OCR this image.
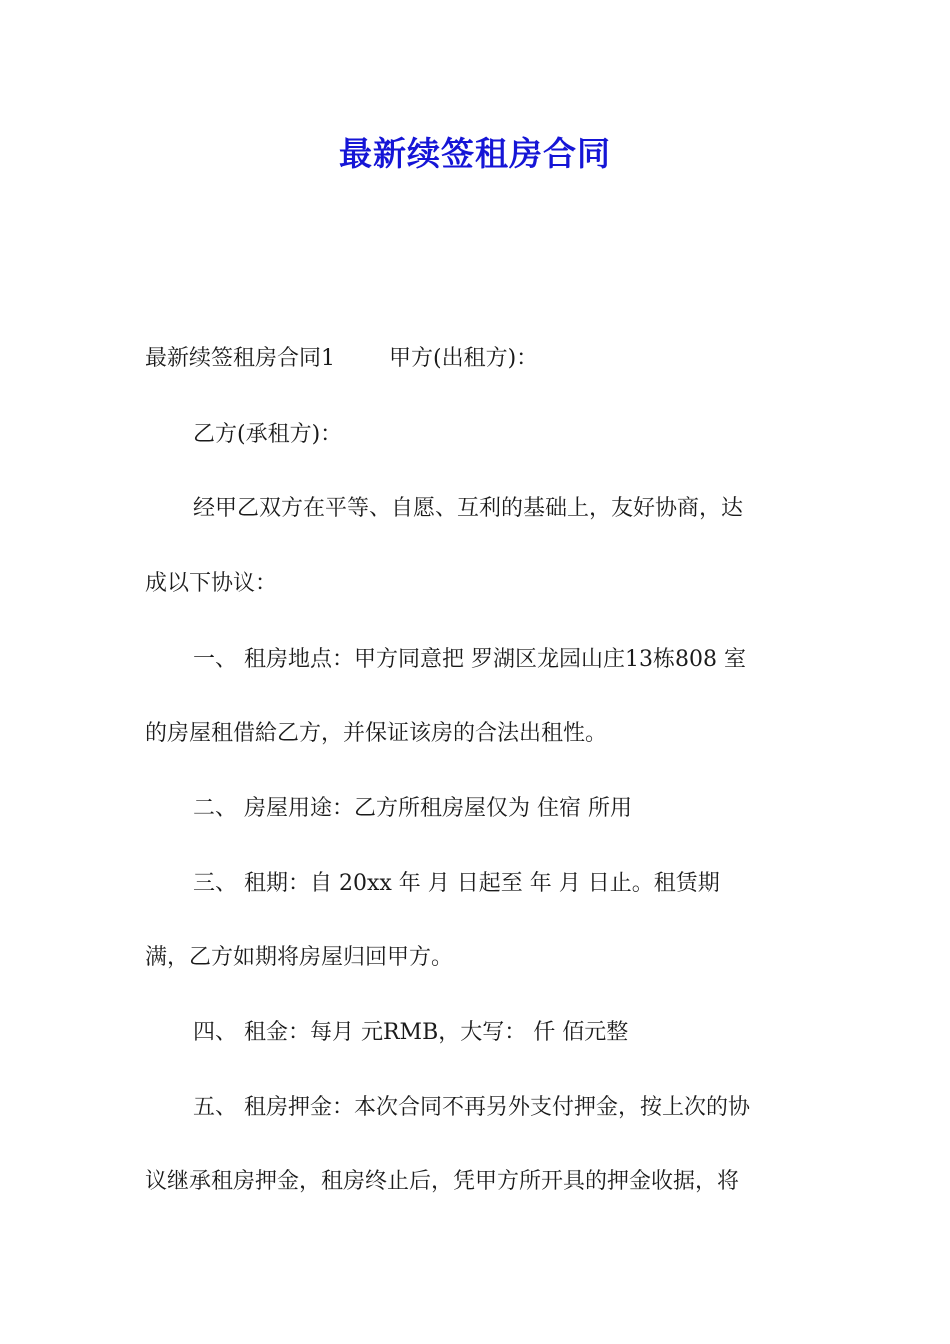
最新续签租房合同

最新续签租房合同1 甲方(出租方)：

乙方(承租方)：

经甲乙双方在平等、自愿、互利的基础上，友好协商，达

成以下协议：

一、 租房地点：甲方同意把 罗湖区龙园山庄13栋808 室

的房屋租借給乙方，并保证该房的合法出租性。

二、 房屋用途：乙方所租房屋仅为 住宿 所用

三、 租期：自 20xx 年 月 日起至 年 月 日止。租赁期

满，乙方如期将房屋归回甲方。

四、 租金：每月 元RMB，大写： 仟 佰元整

五、 租房押金：本次合同不再另外支付押金，按上次的协

议继承租房押金，租房终止后，凭甲方所开具的押金收据，将
